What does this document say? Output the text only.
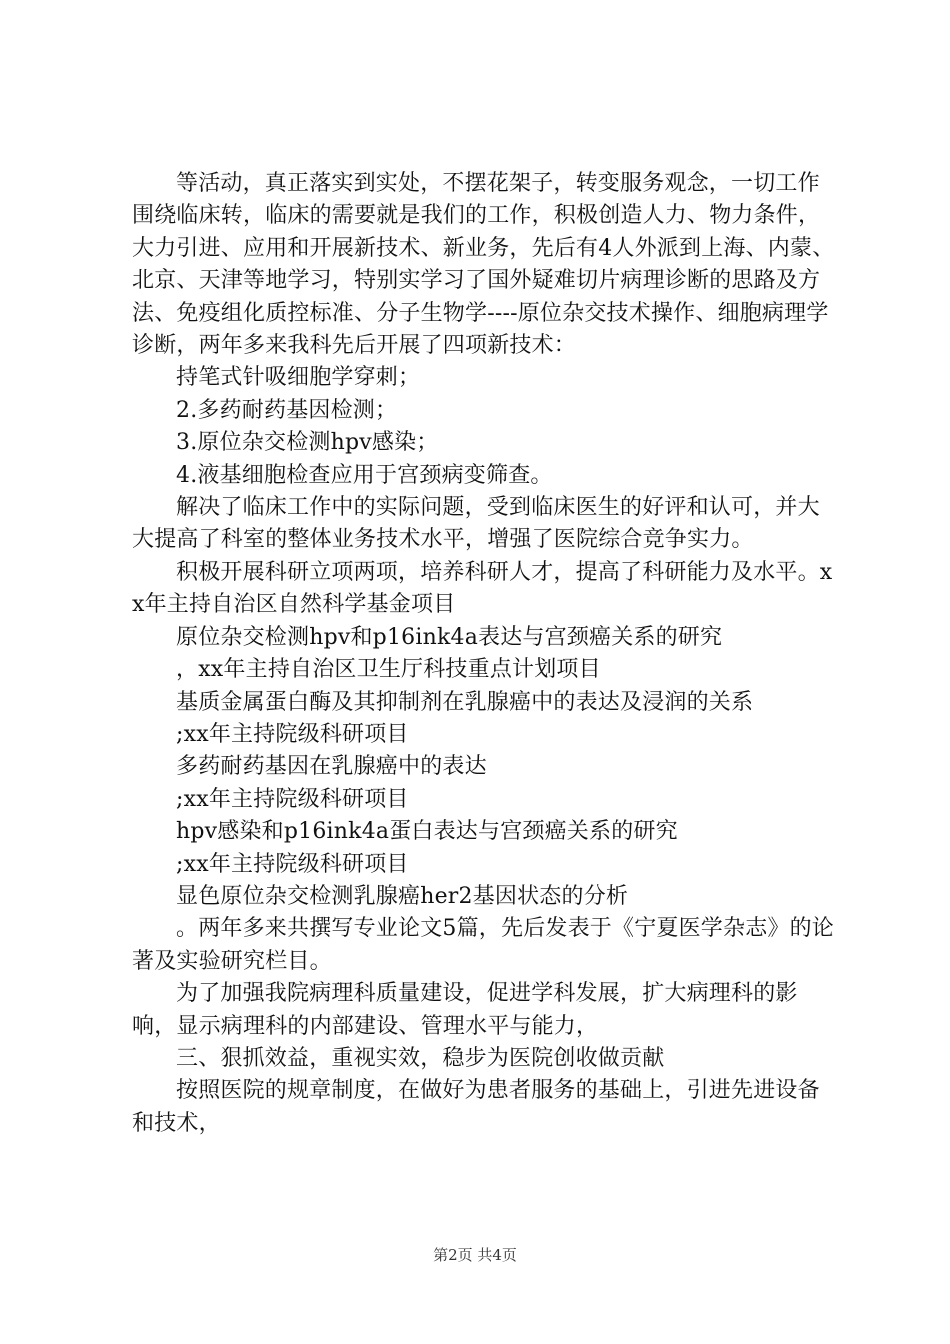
等活动，真正落实到实处，不摆花架子，转变服务观念，一切工作围绕临床转，临床的需要就是我们的工作，积极创造人力、物力条件，大力引进、应用和开展新技术、新业务，先后有4人外派到上海、内蒙、北京、天津等地学习，特别实学习了国外疑难切片病理诊断的思路及方法、免疫组化质控标准、分子生物学----原位杂交技术操作、细胞病理学诊断，两年多来我科先后开展了四项新技术：

持笔式针吸细胞学穿刺；

2.多药耐药基因检测；

3.原位杂交检测hpv感染；

4.液基细胞检查应用于宫颈病变筛查。

解决了临床工作中的实际问题，受到临床医生的好评和认可，并大大提高了科室的整体业务技术水平，增强了医院综合竞争实力。

积极开展科研立项两项，培养科研人才，提高了科研能力及水平。xx年主持自治区自然科学基金项目

原位杂交检测hpv和p16ink4a表达与宫颈癌关系的研究

，xx年主持自治区卫生厅科技重点计划项目

基质金属蛋白酶及其抑制剂在乳腺癌中的表达及浸润的关系

;xx年主持院级科研项目

多药耐药基因在乳腺癌中的表达

;xx年主持院级科研项目

hpv感染和p16ink4a蛋白表达与宫颈癌关系的研究

;xx年主持院级科研项目

显色原位杂交检测乳腺癌her2基因状态的分析

。两年多来共撰写专业论文5篇，先后发表于《宁夏医学杂志》的论著及实验研究栏目。

为了加强我院病理科质量建设，促进学科发展，扩大病理科的影响，显示病理科的内部建设、管理水平与能力，

三、狠抓效益，重视实效，稳步为医院创收做贡献

按照医院的规章制度，在做好为患者服务的基础上，引进先进设备和技术，

第2页 共4页
